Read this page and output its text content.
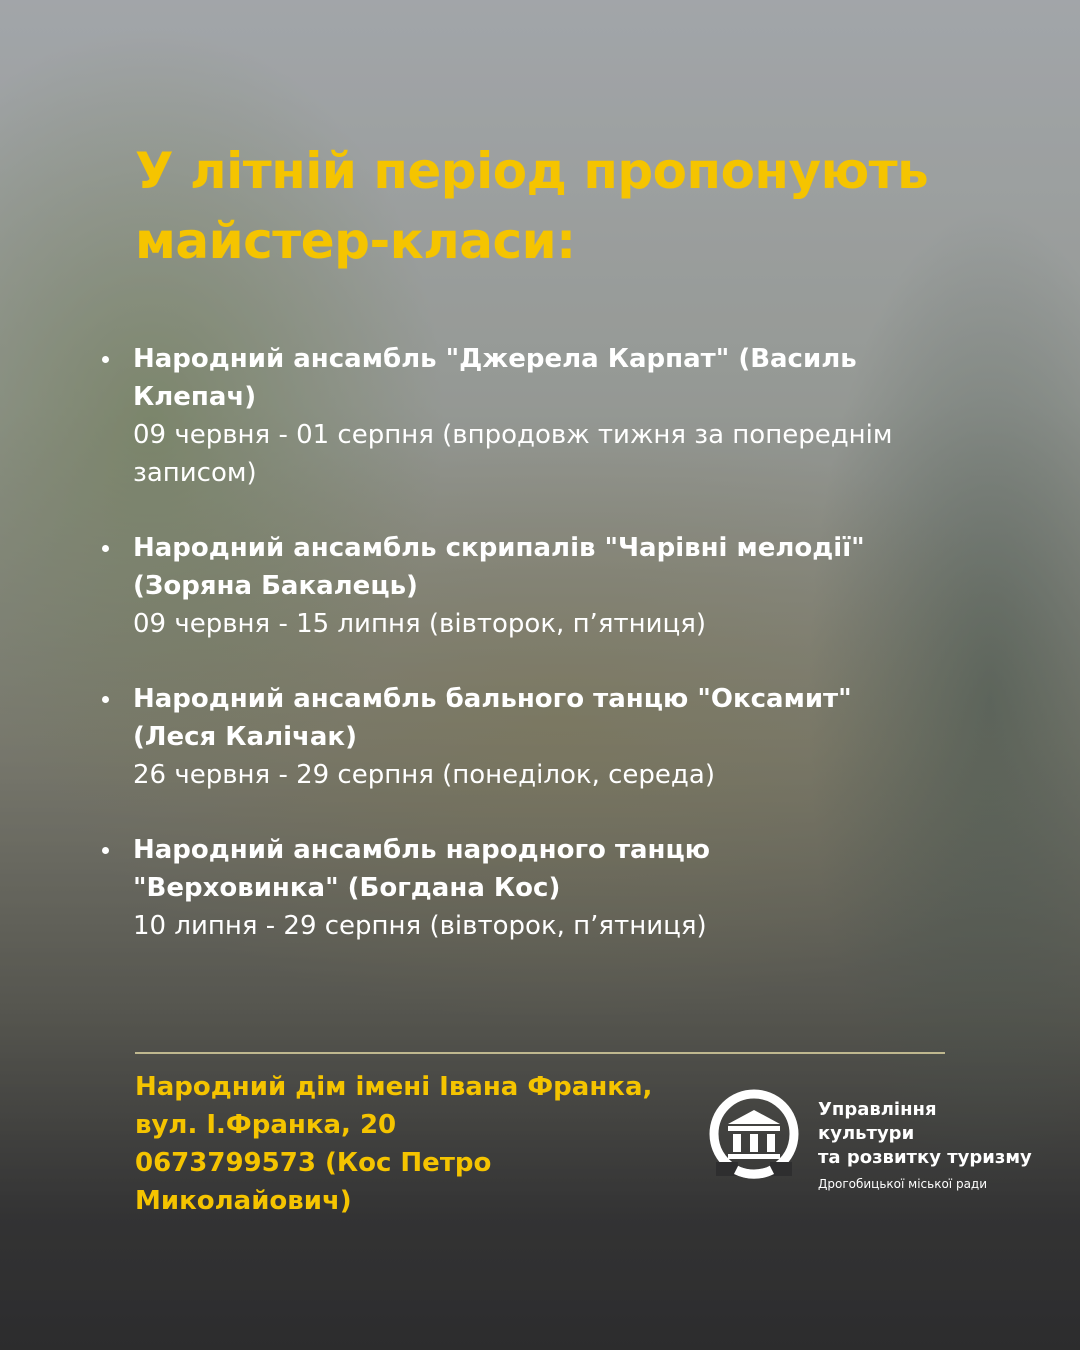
У літній період пропонують майстер-класи:
Народний ансамбль "Джерела Карпат" (Василь Клепач)
09 червня - 01 серпня (впродовж тижня за попереднім записом)
Народний ансамбль скрипалів "Чарівні мелодії" (Зоряна Бакалець)
09 червня - 15 липня (вівторок, п’ятниця)
Народний ансамбль бального танцю "Оксамит" (Леся Калічак)
26 червня - 29 серпня (понеділок, середа)
Народний ансамбль народного танцю "Верховинка" (Богдана Кос)
10 липня - 29 серпня (вівторок, п’ятниця)
Народний дім імені Івана Франка,
вул. І.Франка, 20
0673799573 (Кос Петро Миколайович)
Управління культури
та розвитку туризму
Дрогобицької міської ради
